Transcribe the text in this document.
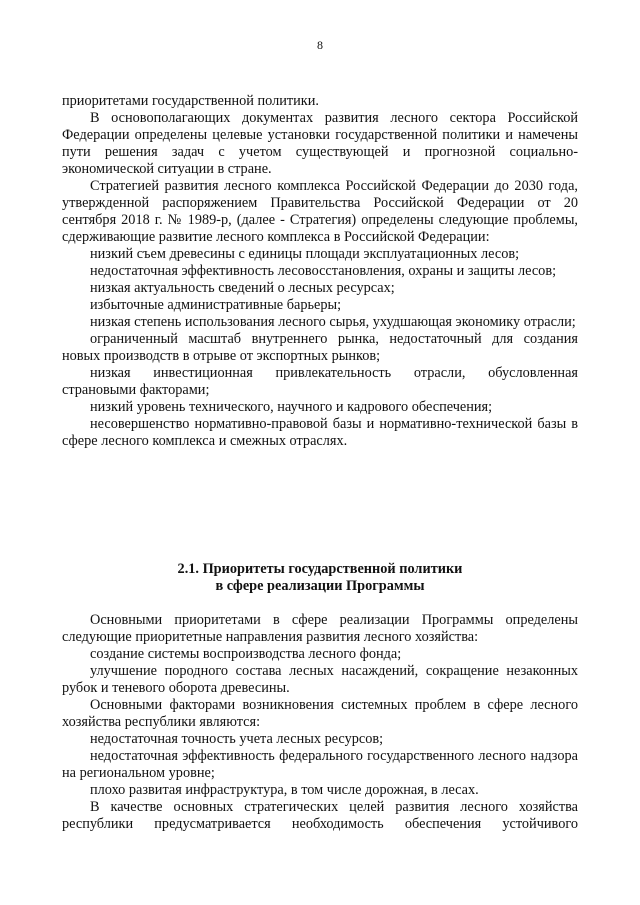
8

приоритетами государственной политики.

В основополагающих документах развития лесного сектора Российской Федерации определены целевые установки государственной политики и намечены пути решения задач с учетом существующей и прогнозной социально-экономической ситуации в стране.

Стратегией развития лесного комплекса Российской Федерации до 2030 года, утвержденной распоряжением Правительства Российской Федерации от 20 сентября 2018 г. № 1989-р, (далее - Стратегия) определены следующие проблемы, сдерживающие развитие лесного комплекса в Российской Федерации:

низкий съем древесины с единицы площади эксплуатационных лесов;

недостаточная эффективность лесовосстановления, охраны и защиты лесов;

низкая актуальность сведений о лесных ресурсах;

избыточные административные барьеры;

низкая степень использования лесного сырья, ухудшающая экономику отрасли;

ограниченный масштаб внутреннего рынка, недостаточный для создания новых производств в отрыве от экспортных рынков;

низкая инвестиционная привлекательность отрасли, обусловленная страновыми факторами;

низкий уровень технического, научного и кадрового обеспечения;

несовершенство нормативно-правовой базы и нормативно-технической базы в сфере лесного комплекса и смежных отраслях.

2.1. Приоритеты государственной политики
в сфере реализации Программы

Основными приоритетами в сфере реализации Программы определены следующие приоритетные направления развития лесного хозяйства:

создание системы воспроизводства лесного фонда;

улучшение породного состава лесных насаждений, сокращение незаконных рубок и теневого оборота древесины.

Основными факторами возникновения системных проблем в сфере лесного хозяйства республики являются:

недостаточная точность учета лесных ресурсов;

недостаточная эффективность федерального государственного лесного надзора на региональном уровне;

плохо развитая инфраструктура, в том числе дорожная, в лесах.

В качестве основных стратегических целей развития лесного хозяйства республики предусматривается необходимость обеспечения устойчивого
